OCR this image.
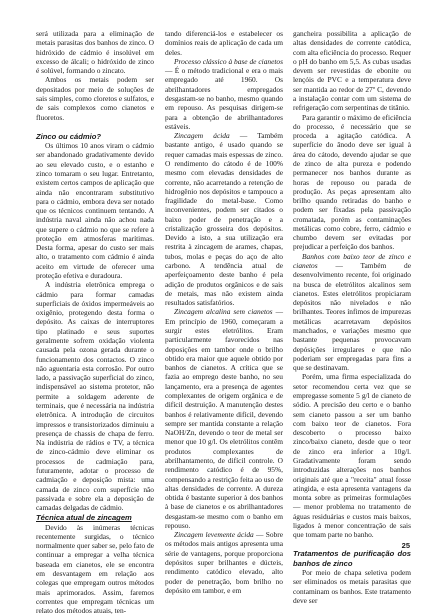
será utilizada para a eliminação de metais parasitas dos banhos de zinco. O hidróxido de cádmio é insolúvel em excesso de álcali; o hidróxido de zinco é solúvel, formando o zincato.

Ambos os metais podem ser depositados por meio de soluções de sais simples, como cloretos e sulfatos, e de sais complexos como cianetos e fluoretos.

Zinco ou cádmio?

Os últimos 10 anos viram o cádmio ser abandonado gradativamente devido ao seu elevado custo, e o estanho e zinco tomaram o seu lugar. Entretanto, existem certos campos de aplicação que ainda não encontraram substitutivo para o cádmio, embora deva ser notado que os técnicos continuem tentando. A indústria naval ainda não achou nada que supere o cádmio no que se refere à proteção em atmosferas marítimas. Desta forma, apesar do custo ser mais alto, o tratamento com cádmio é ainda aceito em virtude de oferecer uma proteção efetiva e duradoura.

A indústria eletrônica emprega o cádmio para formar camadas superficiais de óxidos impermeáveis ao oxigênio, protegendo desta forma o depósito. As caixas de interruptores tipo platinado e seus suportes geralmente sofrem oxidação violenta causada pela ozona gerada durante o funcionamento dos contactos. O zinco não aguentaria esta corrosão. Por outro lado, a passivação superficial do zinco, indispensável ao sistema protetor, não permite a soldagem aderente de terminais, que é necessária na indústria eletrônica. A introdução de circuitos impressos e transistorizados diminuiu a presença de chassis de chapa de ferro. Na indústria de rádios e TV, a técnica de zinco-cádmio deve eliminar os processos de cadmiação para, futuramente, adotar o processo de cadmiação e deposição mista: uma camada de zinco com superfície não passivada e sobre ela a deposição de camadas delgadas de cádmio.

Técnica atual de zincagem

Devido às inúmeras técnicas recentemente surgidas, o técnico normalmente quer saber se, pelo fato de continuar a empregar a velha técnica baseada em cianetos, ele se encontra em desvantagem em relação aos colegas que empregam outros métodos mais aprimorados. Assim, faremos correntes que empregam técnicas um relato dos métodos atuais, ten-

tando diferenciá-los e estabelecer os domínios reais de aplicação de cada um deles.

Processo clássico à base de cianetos — É o método tradicional e era o mais empregado até 1960. Os abrilhantadores empregados desgastam-se no banho, mesmo quando em repouso. As pesquisas dirigem-se para a obtenção de abrilhantadores estáveis.

Zincagem ácida — Também bastante antigo, é usado quando se requer camadas mais espessas de zinco. O rendimento do cátodo é de 100% mesmo com elevadas densidades de corrente, não acarretando a retenção de hidrogênio nos depósitos e tampouco a fragilidade do metal-base. Como inconvenientes, podem ser citados o baixo poder de penetração e a cristalização grosseira dos depósitos. Devido a isto, a sua utilização era restrita à zincagem de arames, chapas, tubos, molas e peças do aço de alto carbono. A tendência atual de aperfeiçoamento deste banho é pela adição de produtos orgânicos e de sais de metais, mas não existem ainda resultados satisfatórios.

Zincagem alcalina sem cianetos — Em princípio de 1960, começaram a surgir estes eletrólitos. Eram particularmente favorecidos nas deposições em tambor onde o brilho obtido era maior que aquele obtido por banhos de cianetos. A crítica que se fazia ao emprego deste banho, no seu lançamento, era a presença de agentes complexantes de origem orgânica e de difícil destruição. A manutenção destes banhos é relativamente difícil, devendo sempre ser mantida constante a relação NaOH/Zn, devendo o teor de metal ser menor que 10 g/l. Os eletrólitos contêm produtos complexantes de abrilhantamento, de difícil controle. O rendimento catódico é de 95%, compensando a restrição feita ao uso de altas densidades de corrente. A dureza obtida é bastante superior à dos banhos à base de cianetos e os abrilhantadores desgastam-se mesmo com o banho em repouso.

Zincagem levemente ácida — Sobre os métodos mais antigos apresenta uma série de vantagens, porque proporciona depósitos super brilhantes e dúcteis, rendimento catódico elevado, alto poder de penetração, bom brilho no depósito em tambor, e em

gancheira possibilita a aplicação de altas densidades de corrente catódica, com alta eficiência do processo. Requer o pH do banho em 5,5. As cubas usadas devem ser revestidas de ebonite ou lençóis de PVC e a temperatura deve ser mantida ao redor de 27º C, devendo a instalação contar com um sistema de refrigeração com serpentinas de titânio.

Para garantir o máximo de eficiência do processo, é necessário que se proceda a agitação catódica. A superfície do ânodo deve ser igual à área do cátodo, devendo ajudar se que de zinco de alta pureza e podendo permanecer nos banhos durante as horas de repouso ou parada de produção. As peças apresentam alto brilho quando retiradas do banho e podem ser fixadas pela passivação cromatada, porém as contaminações metálicas como cobre, ferro, cádmio e chumbo devem ser evitadas por prejudicar a perfeição dos banhos.

Banhos com baixo teor de zinco e cianetos — Também de desenvolvimento recente, foi originado na busca de eletrólitos alcalinos sem cianetos. Estes eletrólitos propiciaram depósitos não nivelados e não brilhantes. Teores ínfimos de impurezas metálicas acarretavam depósitos manchados, e variações mesmo que bastante pequenas provocavam depósições irregulares e que não poderiam ser empregadas para fins a que se destinavam.

Porém, uma firma especializada do setor recomendou certa vez que se empregasse somente 5 g/l de cianeto de sódio. A precisão deu certo e o banho sem cianeto passou a ser um banho com baixo teor de cianetos. Fora descoberto o processo baixo zinco/baixo cianeto, desde que o teor de zinco era inferior a 10g/l. Gradativamente foram sendo introduzidas alterações nos banhos originais até que a "receita" atual fosse atingida, e esta apresenta vantagens da monta sobre as primeiras formulações — menor problema no tratamento de águas residuárias e custos mais baixos, ligados à menor concentração de sais que tomam parte no banho.

Tratamentos de purificação dos banhos de zinco

Por meio de chapa seletiva podem ser eliminados os metais parasitas que contaminam os banhos. Este tratamento deve ser

25
